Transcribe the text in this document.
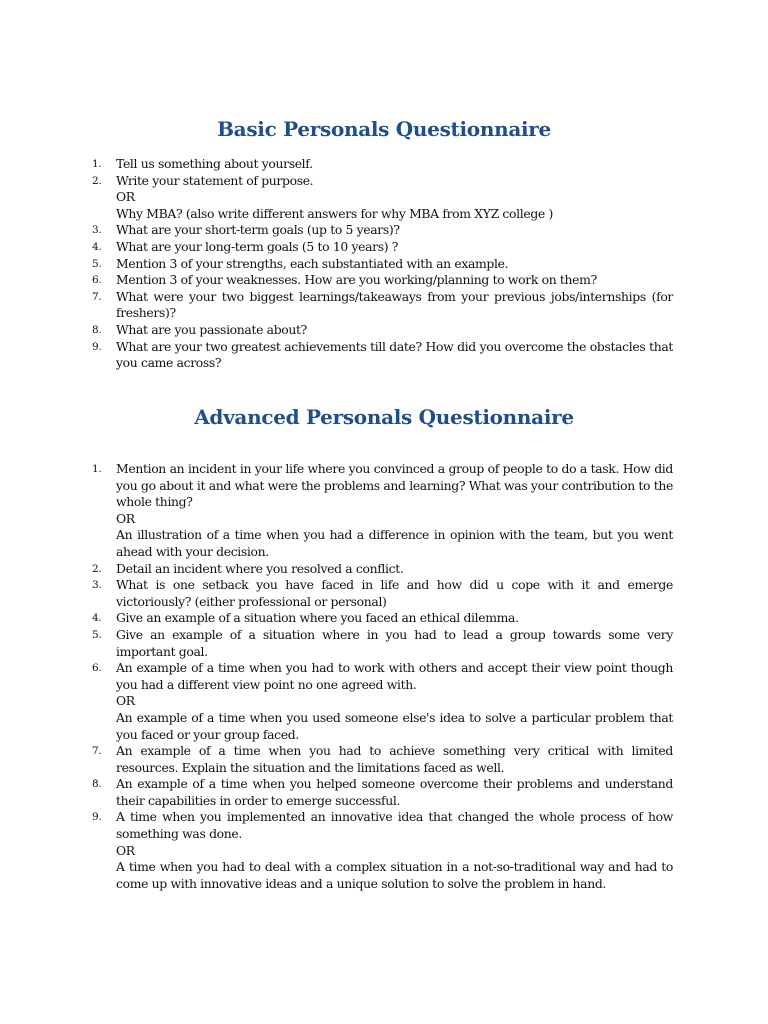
Basic Personals Questionnaire
1. Tell us something about yourself.
2. Write your statement of purpose.
OR
Why MBA? (also write different answers for why MBA from XYZ college )
3. What are your short-term goals (up to 5 years)?
4. What are your long-term goals (5 to 10 years) ?
5. Mention 3 of your strengths, each substantiated with an example.
6. Mention 3 of your weaknesses. How are you working/planning to work on them?
7. What were your two biggest learnings/takeaways from your previous jobs/internships (for freshers)?
8. What are you passionate about?
9. What are your two greatest achievements till date? How did you overcome the obstacles that you came across?
Advanced Personals Questionnaire
1. Mention an incident in your life where you convinced a group of people to do a task. How did you go about it and what were the problems and learning? What was your contribution to the whole thing?
OR
An illustration of a time when you had a difference in opinion with the team, but you went ahead with your decision.
2. Detail an incident where you resolved a conflict.
3. What is one setback you have faced in life and how did u cope with it and emerge victoriously? (either professional or personal)
4. Give an example of a situation where you faced an ethical dilemma.
5. Give an example of a situation where in you had to lead a group towards some very important goal.
6. An example of a time when you had to work with others and accept their view point though you had a different view point no one agreed with.
OR
An example of a time when you used someone else's idea to solve a particular problem that you faced or your group faced.
7. An example of a time when you had to achieve something very critical with limited resources. Explain the situation and the limitations faced as well.
8. An example of a time when you helped someone overcome their problems and understand their capabilities in order to emerge successful.
9. A time when you implemented an innovative idea that changed the whole process of how something was done.
OR
A time when you had to deal with a complex situation in a not-so-traditional way and had to come up with innovative ideas and a unique solution to solve the problem in hand.
